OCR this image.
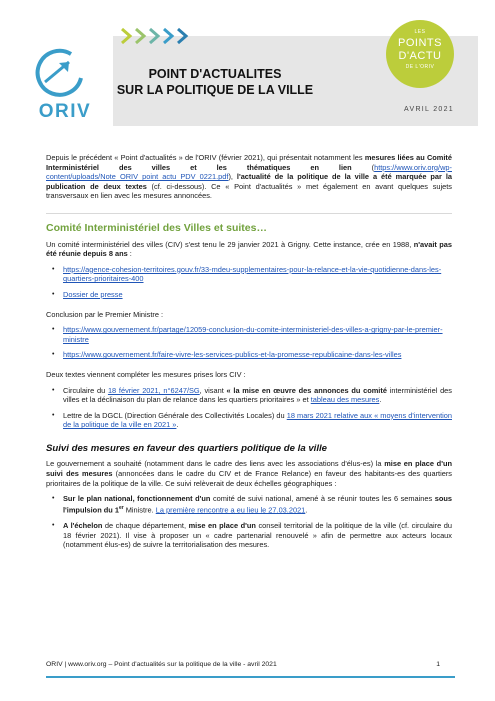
ORIV
POINT D'ACTUALITES
SUR LA POLITIQUE DE LA VILLE
LES
POINTS
D'ACTU
DE L'ORIV
AVRIL 2021

Depuis le précédent « Point d'actualités » de l'ORIV (février 2021), qui présentait notamment les mesures liées au Comité Interministériel des villes et les thématiques en lien (https://www.oriv.org/wp-content/uploads/Note_ORIV_point_actu_PDV_0221.pdf), l'actualité de la politique de la ville a été marquée par la publication de deux textes (cf. ci-dessous). Ce « Point d'actualités » met également en avant quelques sujets transversaux en lien avec les mesures annoncées.

Comité Interministériel des Villes et suites…

Un comité interministériel des villes (CIV) s'est tenu le 29 janvier 2021 à Grigny. Cette instance, crée en 1988, n'avait pas été réunie depuis 8 ans :

• https://agence-cohesion-territoires.gouv.fr/33-mdeu-supplementaires-pour-la-relance-et-la-vie-quotidienne-dans-les-quartiers-prioritaires-400
• Dossier de presse

Conclusion par le Premier Ministre :

• https://www.gouvernement.fr/partage/12059-conclusion-du-comite-interministeriel-des-villes-a-grigny-par-le-premier-ministre
• https://www.gouvernement.fr/faire-vivre-les-services-publics-et-la-promesse-republicaine-dans-les-villes

Deux textes viennent compléter les mesures prises lors CIV :

• Circulaire du 18 février 2021, n°6247/SG, visant « la mise en œuvre des annonces du comité interministériel des villes et la déclinaison du plan de relance dans les quartiers prioritaires » et tableau des mesures.
• Lettre de la DGCL (Direction Générale des Collectivités Locales) du 18 mars 2021 relative aux « moyens d'intervention de la politique de la ville en 2021 ».
Suivi des mesures en faveur des quartiers politique de la ville

Le gouvernement a souhaité (notamment dans le cadre des liens avec les associations d'élus-es) la mise en place d'un suivi des mesures (annoncées dans le cadre du CIV et de France Relance) en faveur des habitants-es des quartiers prioritaires de la politique de la ville. Ce suivi relèverait de deux échelles géographiques :

• Sur le plan national, fonctionnement d'un comité de suivi national, amené à se réunir toutes les 6 semaines sous l'impulsion du 1er Ministre. La première rencontre a eu lieu le 27.03.2021.
• A l'échelon de chaque département, mise en place d'un conseil territorial de la politique de la ville (cf. circulaire du 18 février 2021). Il vise à proposer un « cadre partenarial renouvelé » afin de permettre aux acteurs locaux (notamment élus-es) de suivre la territorialisation des mesures.
ORIV | www.oriv.org – Point d'actualités sur la politique de la ville - avril 2021	1
